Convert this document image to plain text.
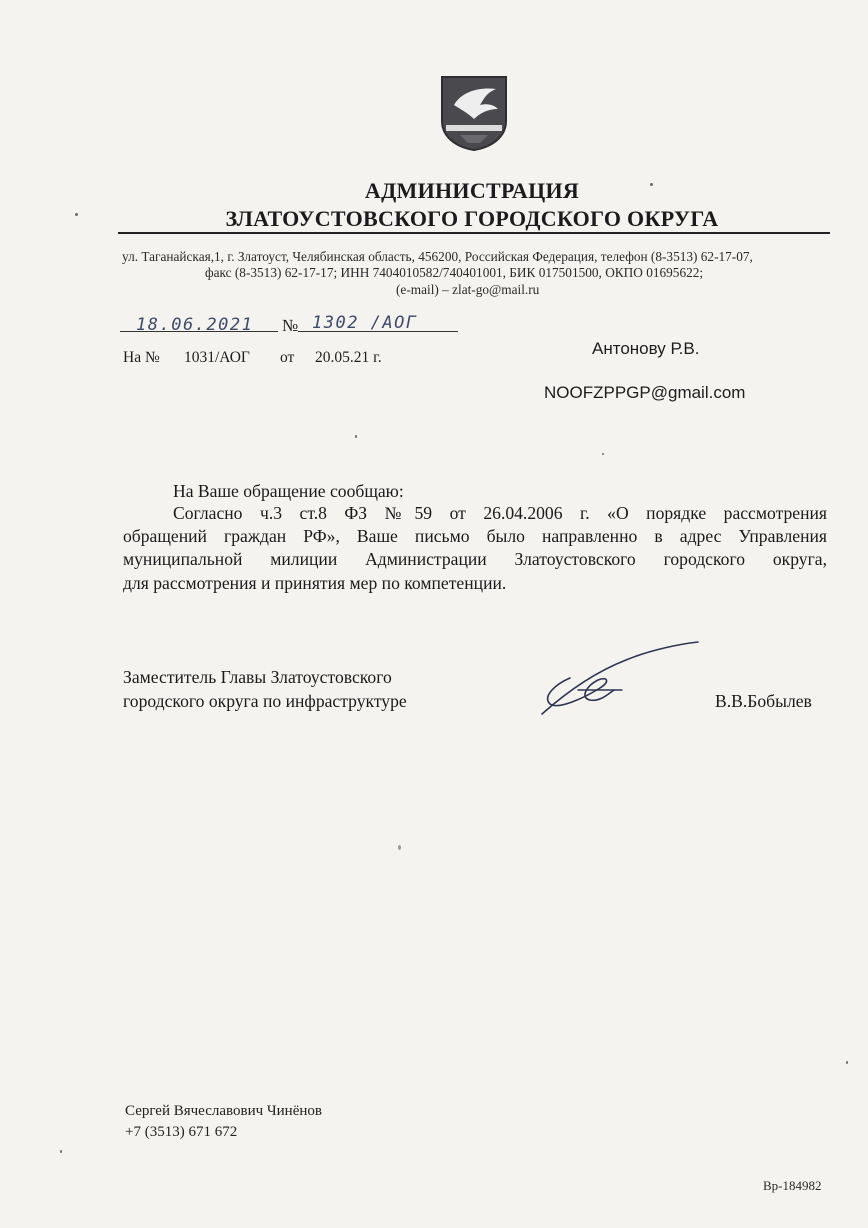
АДМИНИСТРАЦИЯ
ЗЛАТОУСТОВСКОГО ГОРОДСКОГО ОКРУГА
ул. Таганайская,1, г. Златоуст, Челябинская область, 456200, Российская Федерация, телефон (8-3513) 62-17-07,
факс (8-3513) 62-17-17; ИНН 7404010582/740401001, БИК 017501500, ОКПО 01695622;
(e-mail) – zlat-go@mail.ru
18.06.2021 № 1302 /АОГ
На № 1031/АОГ от 20.05.21 г.	Антонову Р.В.
NOOFZPPGP@gmail.com
На Ваше обращение сообщаю:
Согласно ч.3 ст.8 ФЗ №59 от 26.04.2006 г. «О порядке рассмотрения
обращений граждан РФ», Ваше письмо было направленно в адрес Управления
муниципальной милиции Администрации Златоустовского городского округа,
для рассмотрения и принятия мер по компетенции.
Заместитель Главы Златоустовского
городского округа по инфраструктуре	В.В.Бобылев
Сергей Вячеславович Чинёнов
+7 (3513) 671 672
Вр-184982
